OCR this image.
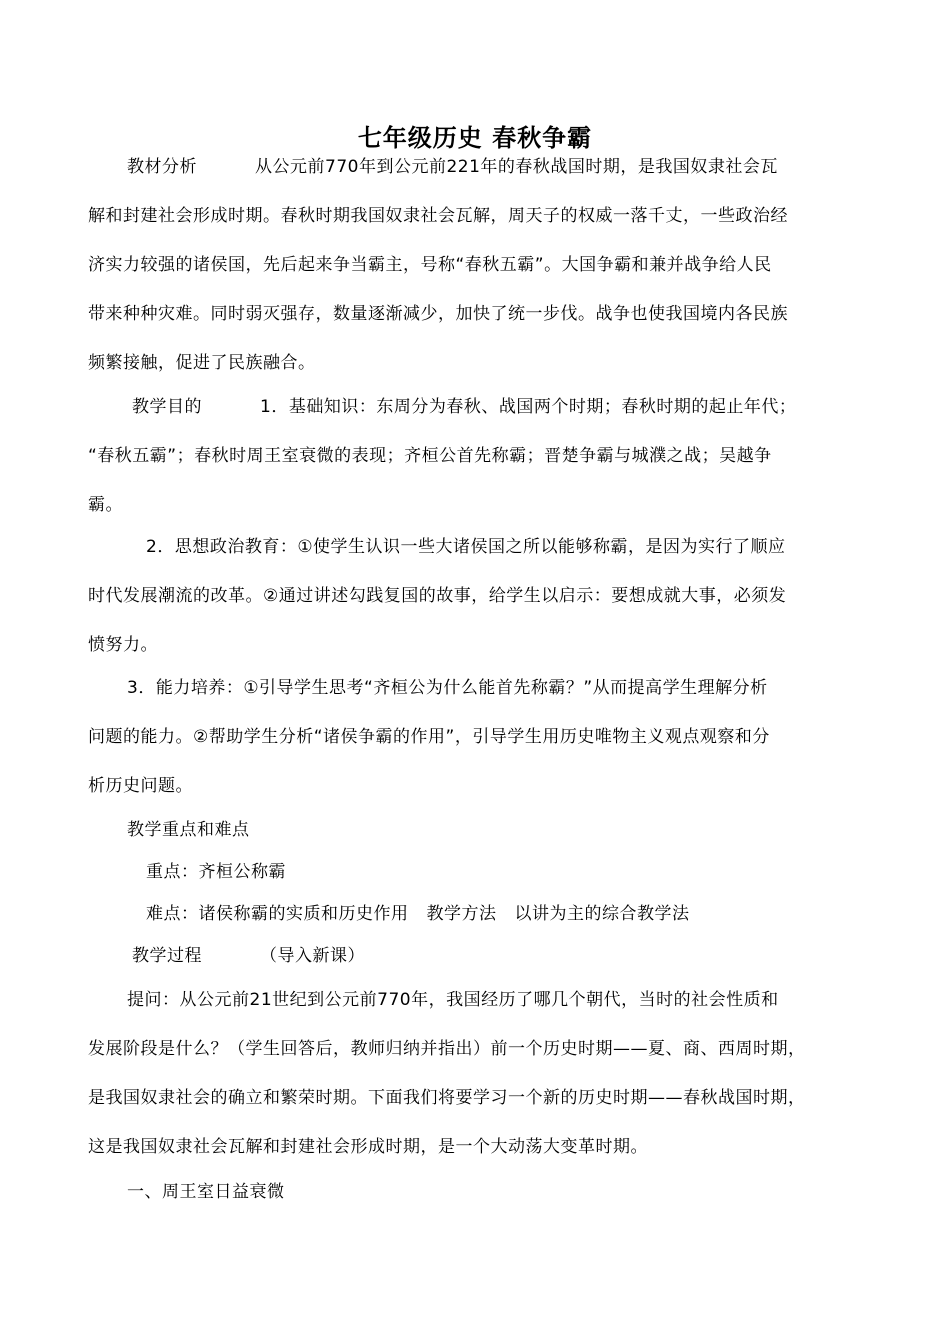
七年级历史 春秋争霸
教材分析	从公元前770年到公元前221年的春秋战国时期，是我国奴隶社会瓦
解和封建社会形成时期。春秋时期我国奴隶社会瓦解，周天子的权威一落千丈，一些政治经
济实力较强的诸侯国，先后起来争当霸主，号称“春秋五霸”。大国争霸和兼并战争给人民
带来种种灾难。同时弱灭强存，数量逐渐减少，加快了统一步伐。战争也使我国境内各民族
频繁接触，促进了民族融合。
教学目的	1．基础知识：东周分为春秋、战国两个时期；春秋时期的起止年代；
“春秋五霸”；春秋时周王室衰微的表现；齐桓公首先称霸；晋楚争霸与城濮之战；吴越争
霸。
2．思想政治教育：①使学生认识一些大诸侯国之所以能够称霸，是因为实行了顺应
时代发展潮流的改革。②通过讲述勾践复国的故事，给学生以启示：要想成就大事，必须发
愤努力。
3．能力培养：①引导学生思考“齐桓公为什么能首先称霸？”从而提高学生理解分析
问题的能力。②帮助学生分析“诸侯争霸的作用”，引导学生用历史唯物主义观点观察和分
析历史问题。
教学重点和难点
重点：齐桓公称霸
难点：诸侯称霸的实质和历史作用 教学方法 以讲为主的综合教学法
教学过程	（导入新课）
提问：从公元前21世纪到公元前770年，我国经历了哪几个朝代，当时的社会性质和
发展阶段是什么？（学生回答后，教师归纳并指出）前一个历史时期——夏、商、西周时期，
是我国奴隶社会的确立和繁荣时期。下面我们将要学习一个新的历史时期——春秋战国时期，
这是我国奴隶社会瓦解和封建社会形成时期，是一个大动荡大变革时期。
一、周王室日益衰微
